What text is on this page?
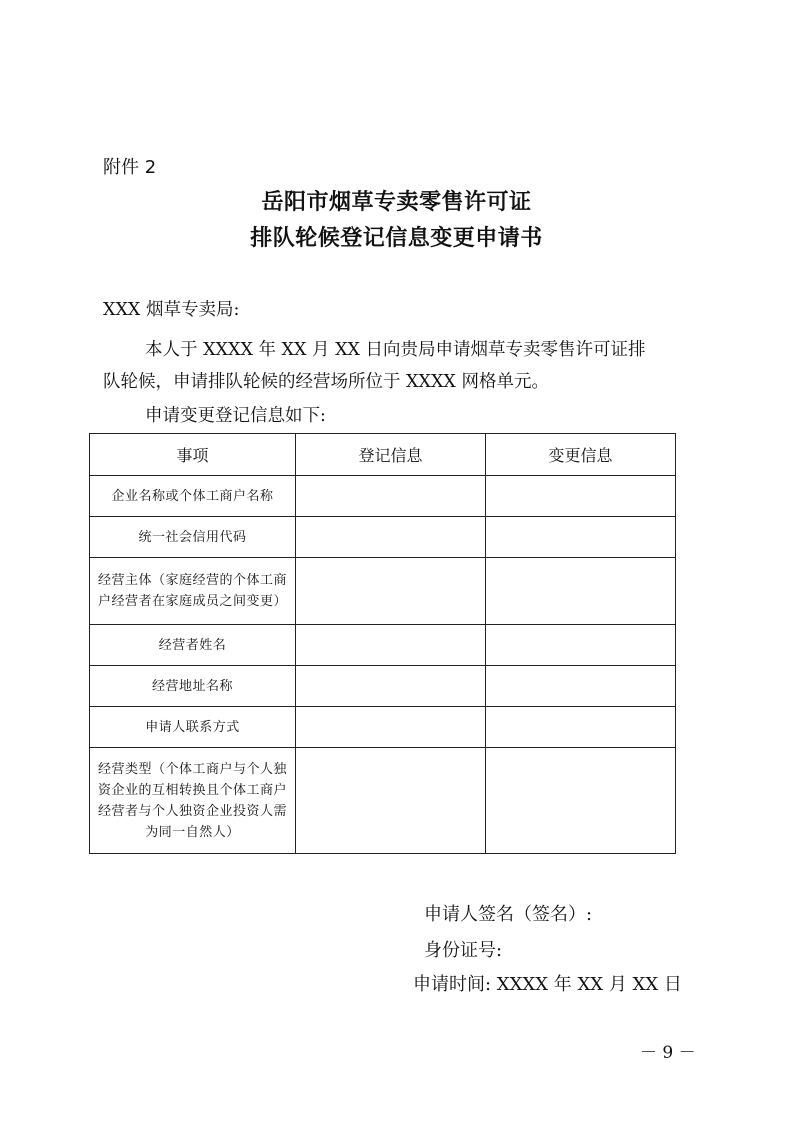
附件 2
岳阳市烟草专卖零售许可证
排队轮候登记信息变更申请书
XXX 烟草专卖局:
本人于 XXXX 年 XX 月 XX 日向贵局申请烟草专卖零售许可证排
队轮候，申请排队轮候的经营场所位于 XXXX 网格单元。
申请变更登记信息如下:
事项	登记信息	变更信息
企业名称或个体工商户名称		
统一社会信用代码		
经营主体（家庭经营的个体工商户经营者在家庭成员之间变更）		
经营者姓名		
经营地址名称		
申请人联系方式		
经营类型（个体工商户与个人独资企业的互相转换且个体工商户经营者与个人独资企业投资人需为同一自然人）		
申请人签名（签名）:
身份证号:
申请时间: XXXX 年 XX 月 XX 日
－ 9 －
